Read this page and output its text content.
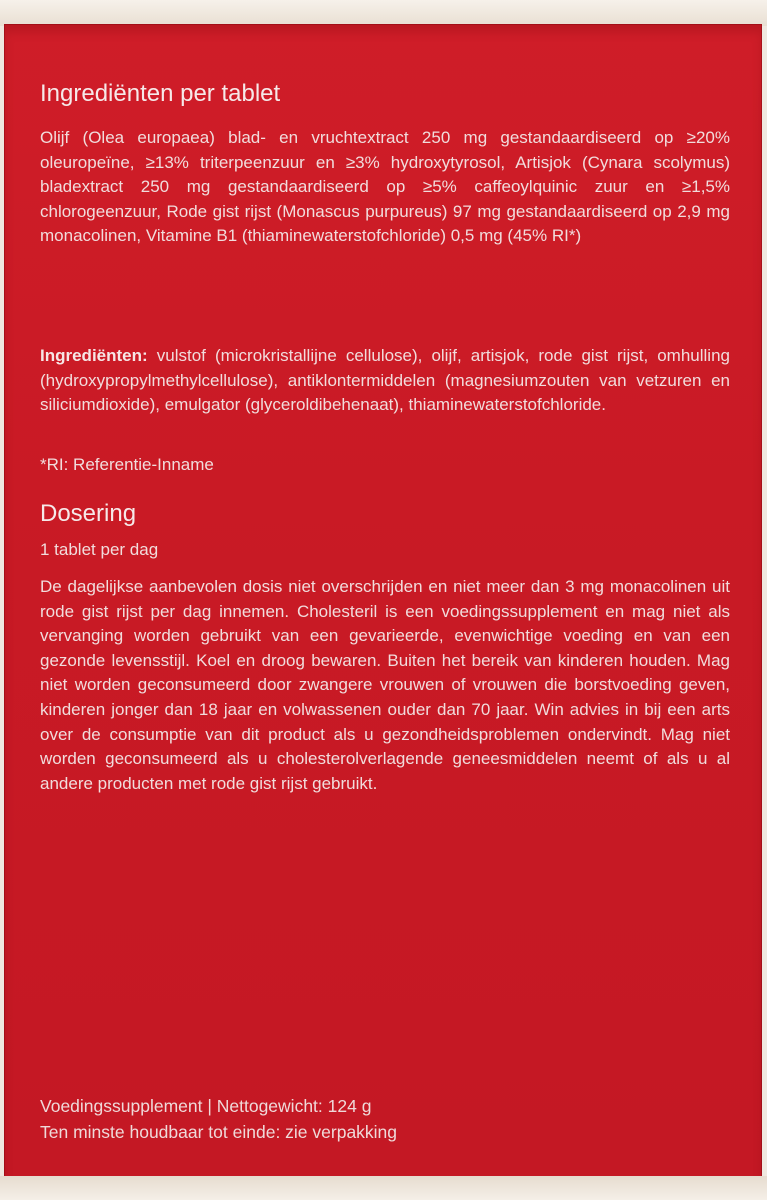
Ingrediënten per tablet

Olijf (Olea europaea) blad- en vruchtextract 250 mg gestandaardiseerd op ≥20% oleuropeïne, ≥13% triterpeenzuur en ≥3% hydroxytyrosol, Artisjok (Cynara scolymus) bladextract 250 mg gestandaardiseerd op ≥5% caffeoylquinic zuur en ≥1,5% chlorogeenzuur, Rode gist rijst (Monascus purpureus) 97 mg gestandaardiseerd op 2,9 mg monacolinen, Vitamine B1 (thiaminewaterstofchloride) 0,5 mg (45% RI*)

Ingrediënten: vulstof (microkristallijne cellulose), olijf, artisjok, rode gist rijst, omhulling (hydroxypropylmethylcellulose), antiklontermiddelen (magnesiumzouten van vetzuren en siliciumdioxide), emulgator (glyceroldibehenaat), thiaminewaterstofchloride.

*RI: Referentie-Inname

Dosering

1 tablet per dag

De dagelijkse aanbevolen dosis niet overschrijden en niet meer dan 3 mg monacolinen uit rode gist rijst per dag innemen. Cholesteril is een voedingssupplement en mag niet als vervanging worden gebruikt van een gevarieerde, evenwichtige voeding en van een gezonde levensstijl. Koel en droog bewaren. Buiten het bereik van kinderen houden. Mag niet worden geconsumeerd door zwangere vrouwen of vrouwen die borstvoeding geven, kinderen jonger dan 18 jaar en volwassenen ouder dan 70 jaar. Win advies in bij een arts over de consumptie van dit product als u gezondheidsproblemen ondervindt. Mag niet worden geconsumeerd als u cholesterolverlagende geneesmiddelen neemt of als u al andere producten met rode gist rijst gebruikt.

Voedingssupplement | Nettogewicht: 124 g

Ten minste houdbaar tot einde: zie verpakking
